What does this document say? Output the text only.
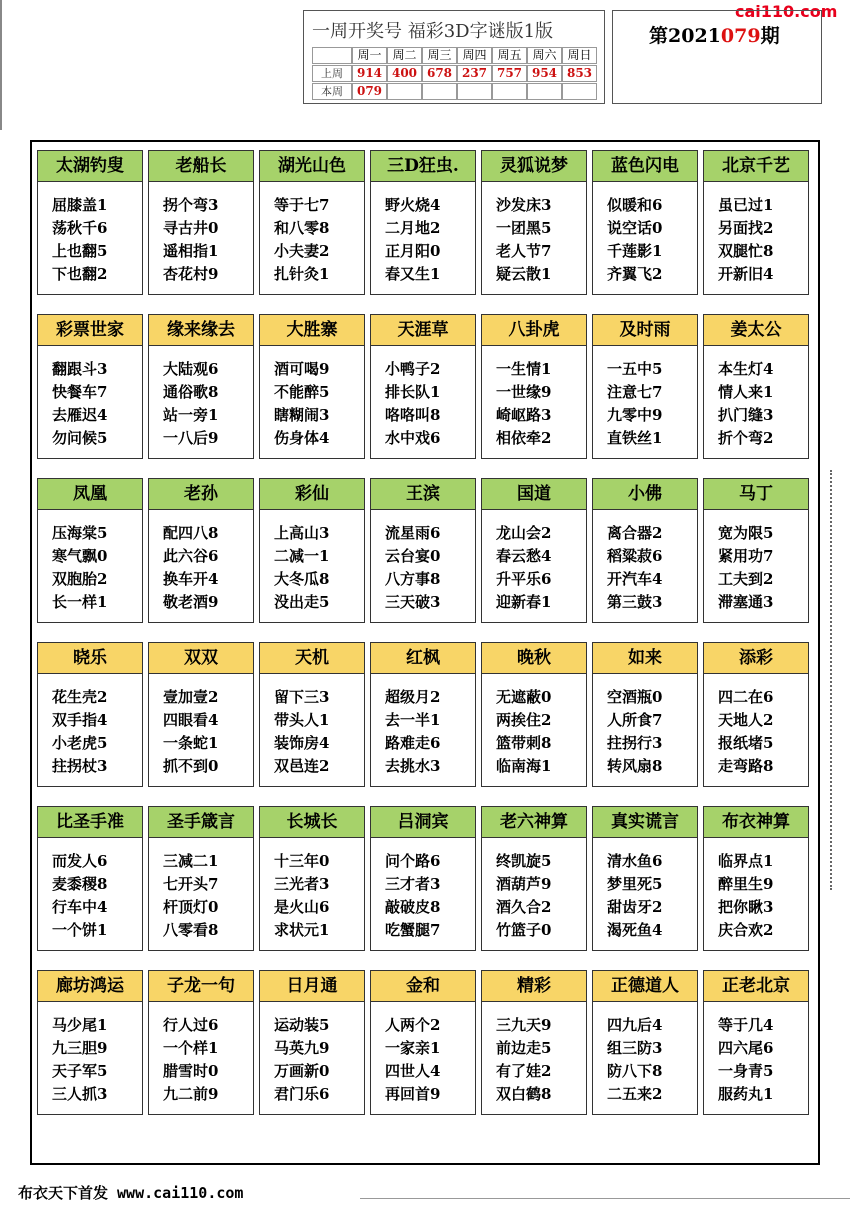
一周开奖号 福彩3D字谜版1版
周一 周二 周三 周四 周五 周六 周日
上周	914 400 678 237 757 954 853
本周	079
cai110.com
第2021079期
太湖钓叟
屈膝盖1
荡秋千6
上也翻5
下也翻2
老船长
拐个弯3
寻古井0
遥相指1
杏花村9
湖光山色
等于七7
和八零8
小夫妻2
扎针灸1
三D狂虫.
野火烧4
二月地2
正月阳0
春又生1
灵狐说梦
沙发床3
一团黑5
老人节7
疑云散1
蓝色闪电
似暖和6
说空话0
千莲影1
齐翼飞2
北京千艺
虽已过1
另面找2
双腿忙8
开新旧4
彩票世家
翻跟斗3
快餐车7
去雁迟4
勿问候5
缘来缘去
大陆观6
通俗歌8
站一旁1
一八后9
大胜寨
酒可喝9
不能醉5
瞎糊闹3
伤身体4
天涯草
小鸭子2
排长队1
咯咯叫8
水中戏6
八卦虎
一生情1
一世缘9
崎岖路3
相依牵2
及时雨
一五中5
注意七7
九零中9
直铁丝1
姜太公
本生灯4
情人来1
扒门缝3
折个弯2
凤凰
压海棠5
寒气飘0
双胞胎2
长一样1
老孙
配四八8
此六谷6
换车开4
敬老酒9
彩仙
上高山3
二减一1
大冬瓜8
没出走5
王滨
流星雨6
云台宴0
八方事8
三天破3
国道
龙山会2
春云愁4
升平乐6
迎新春1
小佛
离合器2
稻粱菽6
开汽车4
第三鼓3
马丁
宽为限5
紧用功7
工夫到2
滞塞通3
晓乐
花生壳2
双手指4
小老虎5
拄拐杖3
双双
壹加壹2
四眼看4
一条蛇1
抓不到0
天机
留下三3
带头人1
装饰房4
双邑连2
红枫
超级月2
去一半1
路难走6
去挑水3
晚秋
无遮蔽0
两挨住2
篮带刺8
临南海1
如来
空酒瓶0
人所食7
拄拐行3
转风扇8
添彩
四二在6
天地人2
报纸堵5
走弯路8
比圣手准
而发人6
麦黍稷8
行车中4
一个饼1
圣手箴言
三减二1
七开头7
杆顶灯0
八零看8
长城长
十三年0
三光者3
是火山6
求状元1
吕洞宾
问个路6
三才者3
敲破皮8
吃蟹腿7
老六神算
终凯旋5
酒葫芦9
酒久合2
竹篮子0
真实谎言
清水鱼6
梦里死5
甜齿牙2
渴死鱼4
布衣神算
临界点1
醉里生9
把你瞅3
庆合欢2
廊坊鸿运
马少尾1
九三胆9
天子军5
三人抓3
子龙一句
行人过6
一个样1
腊雪时0
九二前9
日月通
运动装5
马英九9
万画新0
君门乐6
金和
人两个2
一家亲1
四世人4
再回首9
精彩
三九天9
前边走5
有了娃2
双白鹤8
正德道人
四九后4
组三防3
防八下8
二五来2
正老北京
等于几4
四六尾6
一身青5
服药丸1
布衣天下首发 www.cai110.com
